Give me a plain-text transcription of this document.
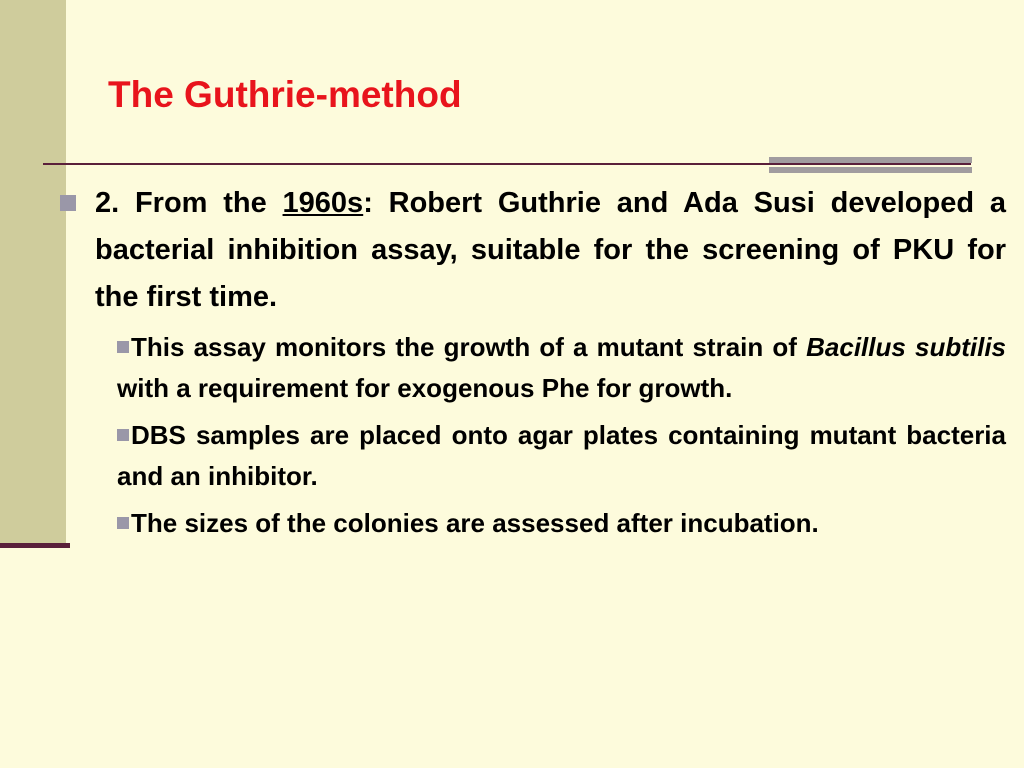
The Guthrie-method
2. From the 1960s: Robert Guthrie and Ada Susi developed a bacterial inhibition assay, suitable for the screening of PKU for the first time.
This assay monitors the growth of a mutant strain of Bacillus subtilis with a requirement for exogenous Phe for growth.
DBS samples are placed onto agar plates containing mutant bacteria and an inhibitor.
The sizes of the colonies are assessed after incubation.
